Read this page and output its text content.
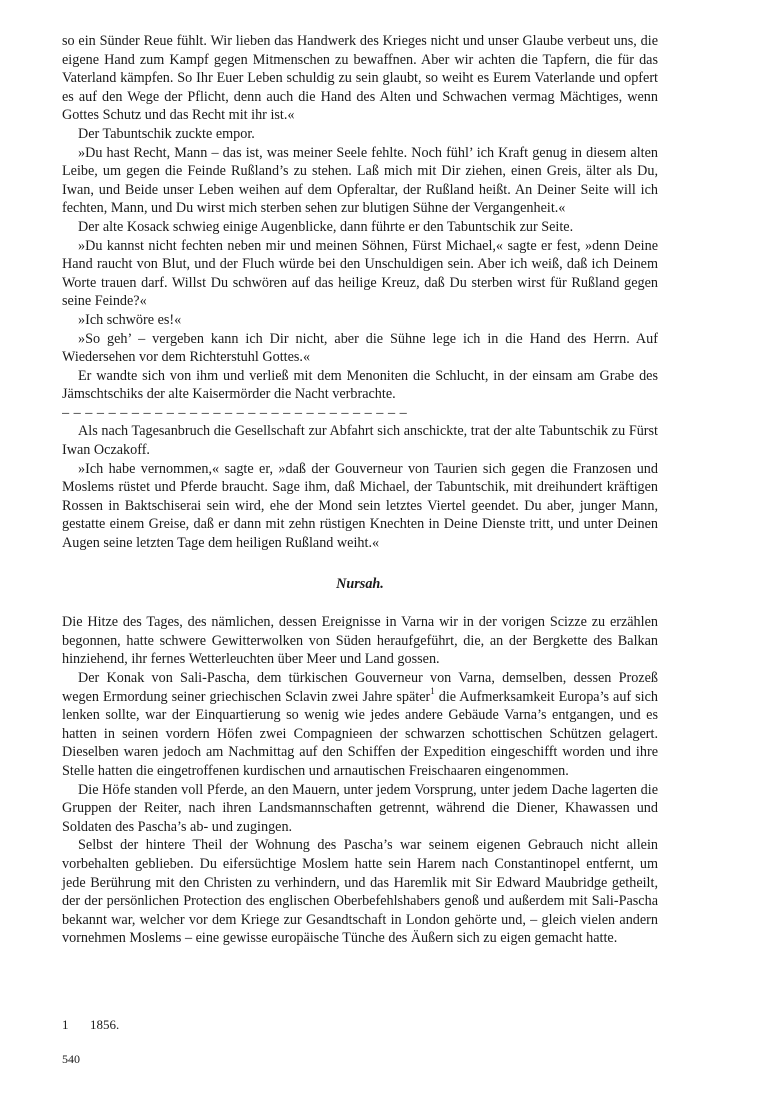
so ein Sünder Reue fühlt. Wir lieben das Handwerk des Krieges nicht und unser Glaube verbeut uns, die eigene Hand zum Kampf gegen Mitmenschen zu bewaffnen. Aber wir achten die Tapfern, die für das Vaterland kämpfen. So Ihr Euer Leben schuldig zu sein glaubt, so weiht es Eurem Vaterlande und opfert es auf den Wege der Pflicht, denn auch die Hand des Alten und Schwachen vermag Mächtiges, wenn Gottes Schutz und das Recht mit ihr ist.«

Der Tabuntschik zuckte empor.

»Du hast Recht, Mann – das ist, was meiner Seele fehlte. Noch fühl’ ich Kraft genug in diesem alten Leibe, um gegen die Feinde Rußland’s zu stehen. Laß mich mit Dir ziehen, einen Greis, älter als Du, Iwan, und Beide unser Leben weihen auf dem Opferaltar, der Rußland heißt. An Deiner Seite will ich fechten, Mann, und Du wirst mich sterben sehen zur blutigen Sühne der Vergangenheit.«

Der alte Kosack schwieg einige Augenblicke, dann führte er den Tabuntschik zur Seite.

»Du kannst nicht fechten neben mir und meinen Söhnen, Fürst Michael,« sagte er fest, »denn Deine Hand raucht von Blut, und der Fluch würde bei den Unschuldigen sein. Aber ich weiß, daß ich Deinem Worte trauen darf. Willst Du schwören auf das heilige Kreuz, daß Du sterben wirst für Rußland gegen seine Feinde?«

»Ich schwöre es!«

»So geh’ – vergeben kann ich Dir nicht, aber die Sühne lege ich in die Hand des Herrn. Auf Wiedersehen vor dem Richterstuhl Gottes.«

Er wandte sich von ihm und verließ mit dem Menoniten die Schlucht, in der einsam am Grabe des Jämschtschiks der alte Kaisermörder die Nacht verbrachte.

– – – – – – – – – – – – – – – – – – – – – – – – – – – – – –

Als nach Tagesanbruch die Gesellschaft zur Abfahrt sich anschickte, trat der alte Tabuntschik zu Fürst Iwan Oczakoff.

»Ich habe vernommen,« sagte er, »daß der Gouverneur von Taurien sich gegen die Franzosen und Moslems rüstet und Pferde braucht. Sage ihm, daß Michael, der Tabuntschik, mit dreihundert kräftigen Rossen in Baktschiserai sein wird, ehe der Mond sein letztes Viertel geendet. Du aber, junger Mann, gestatte einem Greise, daß er dann mit zehn rüstigen Knechten in Deine Dienste tritt, und unter Deinen Augen seine letzten Tage dem heiligen Rußland weiht.«

Nursah.

Die Hitze des Tages, des nämlichen, dessen Ereignisse in Varna wir in der vorigen Scizze zu erzählen begonnen, hatte schwere Gewitterwolken von Süden heraufgeführt, die, an der Bergkette des Balkan hinziehend, ihr fernes Wetterleuchten über Meer und Land gossen.

Der Konak von Sali-Pascha, dem türkischen Gouverneur von Varna, demselben, dessen Prozeß wegen Ermordung seiner griechischen Sclavin zwei Jahre später$^1$ die Aufmerksamkeit Europa’s auf sich lenken sollte, war der Einquartierung so wenig wie jedes andere Gebäude Varna’s entgangen, und es hatten in seinen vordern Höfen zwei Compagnieen der schwarzen schottischen Schützen gelagert. Dieselben waren jedoch am Nachmittag auf den Schiffen der Expedition eingeschifft worden und ihre Stelle hatten die eingetroffenen kurdischen und arnautischen Freischaaren eingenommen.

Die Höfe standen voll Pferde, an den Mauern, unter jedem Vorsprung, unter jedem Dache lagerten die Gruppen der Reiter, nach ihren Landsmannschaften getrennt, während die Diener, Khawassen und Soldaten des Pascha’s ab- und zugingen.

Selbst der hintere Theil der Wohnung des Pascha’s war seinem eigenen Gebrauch nicht allein vorbehalten geblieben. Du eifersüchtige Moslem hatte sein Harem nach Constantinopel entfernt, um jede Berührung mit den Christen zu verhindern, und das Haremlik mit Sir Edward Maubridge getheilt, der der persönlichen Protection des englischen Oberbefehlshabers genoß und außerdem mit Sali-Pascha bekannt war, welcher vor dem Kriege zur Gesandtschaft in London gehörte und, – gleich vielen andern vornehmen Moslems – eine gewisse europäische Tünche des Äußern sich zu eigen gemacht hatte.

1 1856.
540
